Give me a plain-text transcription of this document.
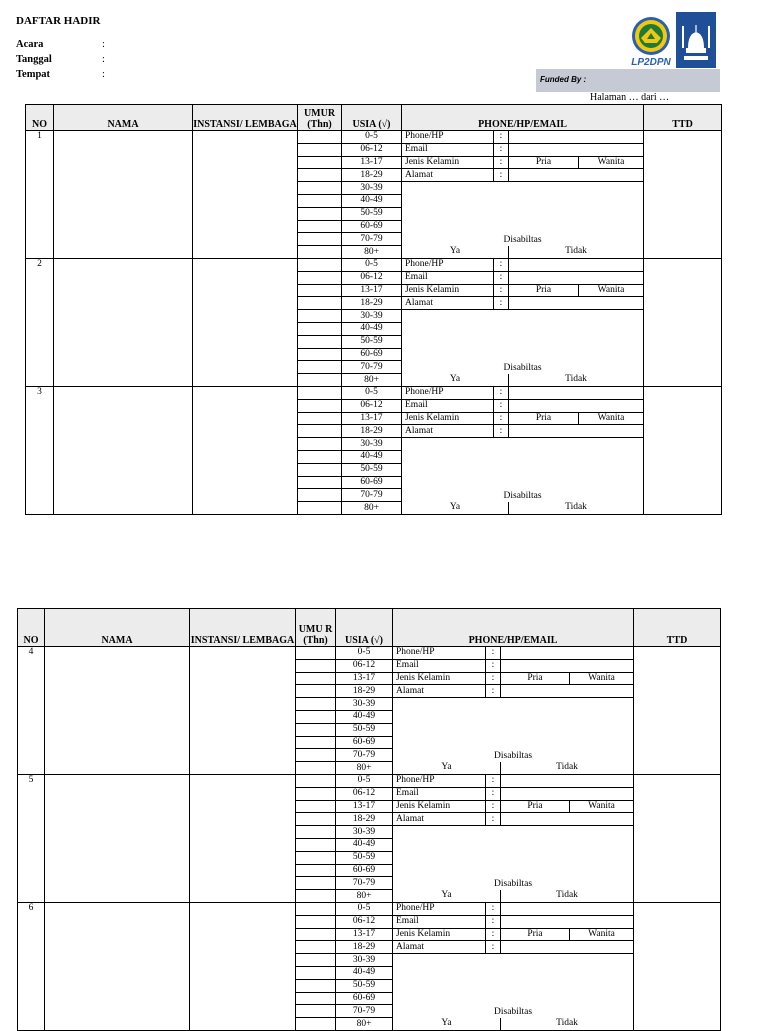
DAFTAR HADIR
Acara	:
Tanggal	:
Tempat	:
LP2DPN
Funded By :
Halaman … dari …
NO	NAMA	INSTANSI/ LEMBAGA	UMUR (Thn)	USIA (√)	PHONE/HP/EMAIL				TTD
1				0-5	Phone/HP	:			
				06-12	Email	:			
				13-17	Jenis Kelamin	:	Pria	Wanita	
				18-29	Alamat	:			
				30-39	Disabiltas				
				40-49					
				50-59					
				60-69					
				70-79					
				80+	Ya		Tidak		
2				0-5	Phone/HP	:			
				06-12	Email	:			
				13-17	Jenis Kelamin	:	Pria	Wanita	
				18-29	Alamat	:			
				30-39	Disabiltas				
				40-49					
				50-59					
				60-69					
				70-79					
				80+	Ya		Tidak		
3				0-5	Phone/HP	:			
				06-12	Email	:			
				13-17	Jenis Kelamin	:	Pria	Wanita	
				18-29	Alamat	:			
				30-39	Disabiltas				
				40-49					
				50-59					
				60-69					
				70-79					
				80+	Ya		Tidak		
NO	NAMA	INSTANSI/ LEMBAGA	UMU R (Thn)	USIA (√)	PHONE/HP/EMAIL				TTD
4				0-5	Phone/HP	:			
				06-12	Email	:			
				13-17	Jenis Kelamin	:	Pria	Wanita	
				18-29	Alamat	:			
				30-39	Disabiltas				
				40-49					
				50-59					
				60-69					
				70-79					
				80+	Ya		Tidak		
5				0-5	Phone/HP	:			
				06-12	Email	:			
				13-17	Jenis Kelamin	:	Pria	Wanita	
				18-29	Alamat	:			
				30-39	Disabiltas				
				40-49					
				50-59					
				60-69					
				70-79					
				80+	Ya		Tidak		
6				0-5	Phone/HP	:			
				06-12	Email	:			
				13-17	Jenis Kelamin	:	Pria	Wanita	
				18-29	Alamat	:			
				30-39	Disabiltas				
				40-49					
				50-59					
				60-69					
				70-79					
				80+	Ya		Tidak		
